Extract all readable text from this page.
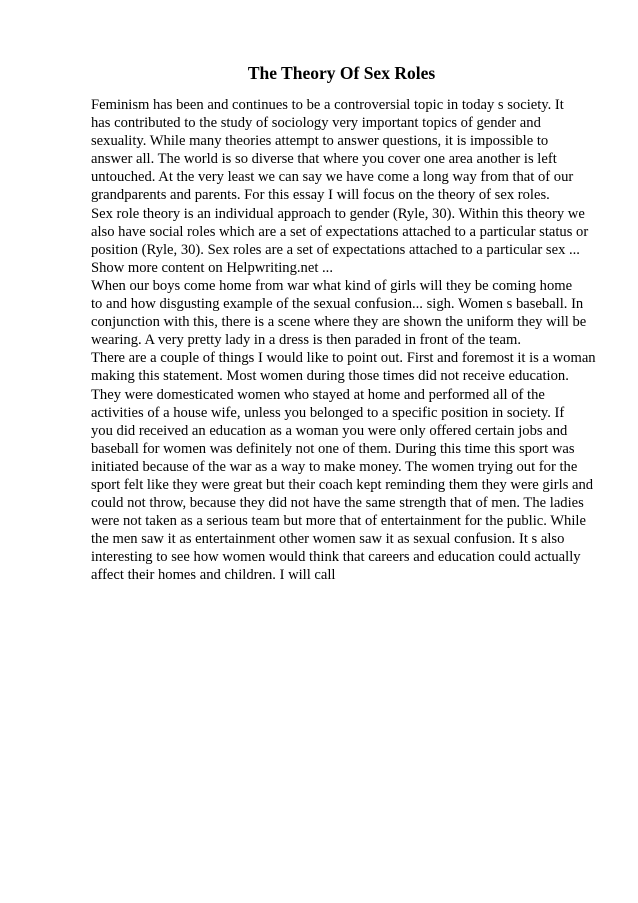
The Theory Of Sex Roles
Feminism has been and continues to be a controversial topic in today s society. It
has contributed to the study of sociology very important topics of gender and
sexuality. While many theories attempt to answer questions, it is impossible to
answer all. The world is so diverse that where you cover one area another is left
untouched. At the very least we can say we have come a long way from that of our
grandparents and parents. For this essay I will focus on the theory of sex roles.
Sex role theory is an individual approach to gender (Ryle, 30). Within this theory we
also have social roles which are a set of expectations attached to a particular status or
position (Ryle, 30). Sex roles are a set of expectations attached to a particular sex ...
Show more content on Helpwriting.net ...
When our boys come home from war what kind of girls will they be coming home
to and how disgusting example of the sexual confusion... sigh. Women s baseball. In
conjunction with this, there is a scene where they are shown the uniform they will be
wearing. A very pretty lady in a dress is then paraded in front of the team.
There are a couple of things I would like to point out. First and foremost it is a woman
making this statement. Most women during those times did not receive education.
They were domesticated women who stayed at home and performed all of the
activities of a house wife, unless you belonged to a specific position in society. If
you did received an education as a woman you were only offered certain jobs and
baseball for women was definitely not one of them. During this time this sport was
initiated because of the war as a way to make money. The women trying out for the
sport felt like they were great but their coach kept reminding them they were girls and
could not throw, because they did not have the same strength that of men. The ladies
were not taken as a serious team but more that of entertainment for the public. While
the men saw it as entertainment other women saw it as sexual confusion. It s also
interesting to see how women would think that careers and education could actually
affect their homes and children. I will call
